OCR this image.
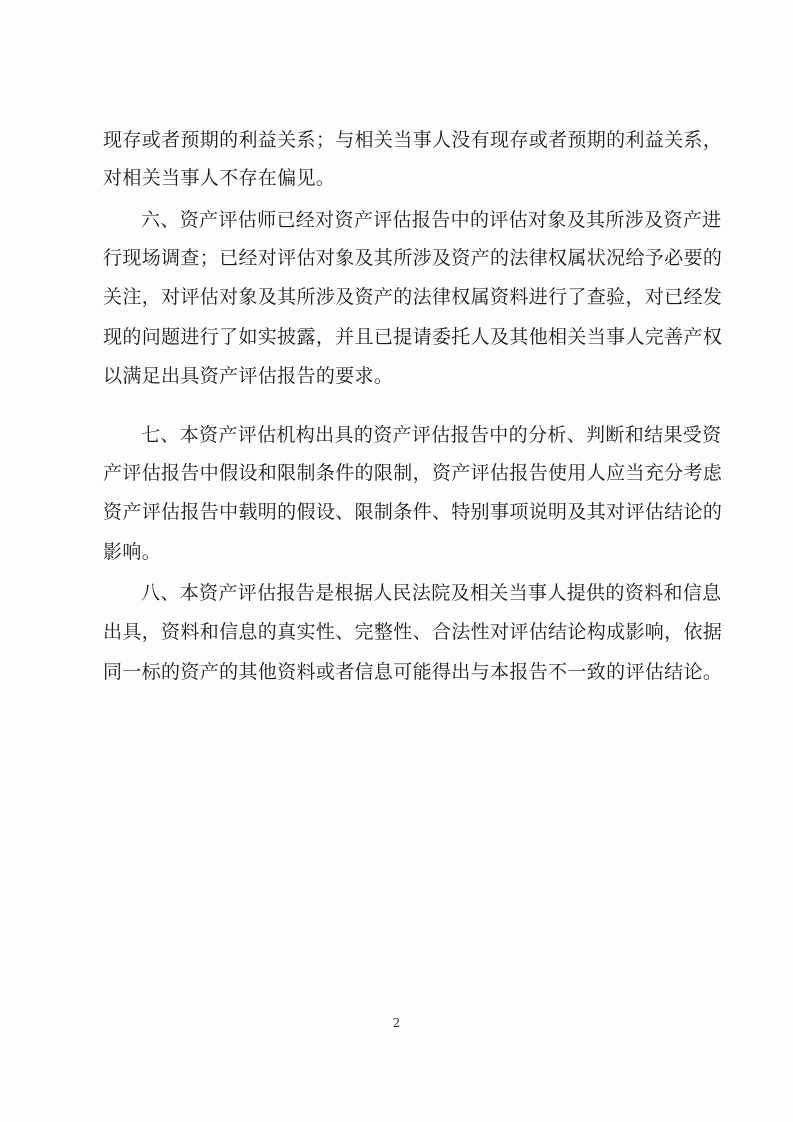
现存或者预期的利益关系；与相关当事人没有现存或者预期的利益关系，
对相关当事人不存在偏见。
六、资产评估师已经对资产评估报告中的评估对象及其所涉及资产进
行现场调查；已经对评估对象及其所涉及资产的法律权属状况给予必要的
关注，对评估对象及其所涉及资产的法律权属资料进行了查验，对已经发
现的问题进行了如实披露，并且已提请委托人及其他相关当事人完善产权
以满足出具资产评估报告的要求。
七、本资产评估机构出具的资产评估报告中的分析、判断和结果受资
产评估报告中假设和限制条件的限制，资产评估报告使用人应当充分考虑
资产评估报告中载明的假设、限制条件、特别事项说明及其对评估结论的
影响。
八、本资产评估报告是根据人民法院及相关当事人提供的资料和信息
出具，资料和信息的真实性、完整性、合法性对评估结论构成影响，依据
同一标的资产的其他资料或者信息可能得出与本报告不一致的评估结论。
2
